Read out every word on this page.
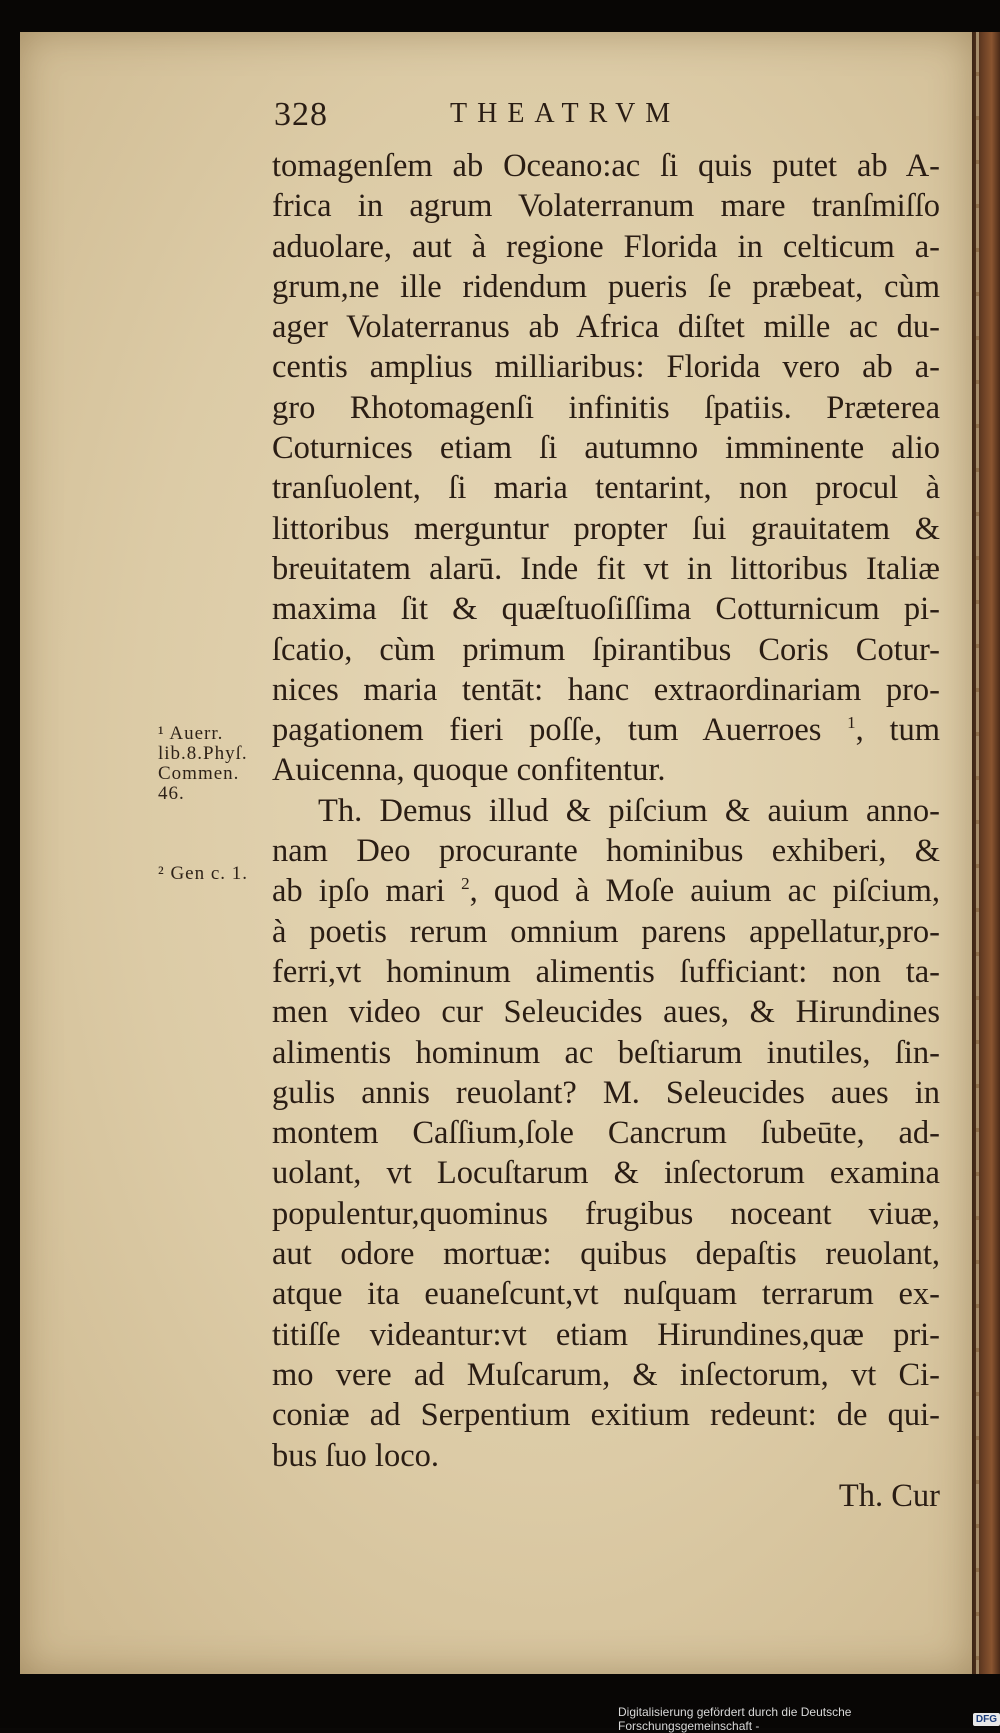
328	THEATRVM
tomagenſem ab Oceano:ac ſi quis putet ab A-
frica in agrum Volaterranum mare tranſmiſſo
aduolare, aut à regione Florida in celticum a-
grum,ne ille ridendum pueris ſe præbeat, cùm
ager Volaterranus ab Africa diſtet mille ac du-
centis amplius milliaribus: Florida vero ab a-
gro Rhotomagenſi infinitis ſpatiis. Præterea
Coturnices etiam ſi autumno imminente alio
tranſuolent, ſi maria tentarint, non procul à
littoribus merguntur propter ſui grauitatem &
breuitatem alarū. Inde fit vt in littoribus Italiæ
maxima ſit & quæſtuoſiſſima Cotturnicum pi-
ſcatio, cùm primum ſpirantibus Coris Cotur-
nices maria tentāt: hanc extraordinariam pro-
pagationem fieri poſſe, tum Auerroes $^1$, tum
Auicenna, quoque confitentur.
Th. Demus illud & piſcium & auium anno-
nam Deo procurante hominibus exhiberi, &
ab ipſo mari $^2$, quod à Moſe auium ac piſcium,
à poetis rerum omnium parens appellatur,pro-
ferri,vt hominum alimentis ſufficiant: non ta-
men video cur Seleucides aues, & Hirundines
alimentis hominum ac beſtiarum inutiles, ſin-
gulis annis reuolant? M. Seleucides aues in
montem Caſſium,ſole Cancrum ſubeūte, ad-
uolant, vt Locuſtarum & inſectorum examina
populentur,quominus frugibus noceant viuæ,
aut odore mortuæ: quibus depaſtis reuolant,
atque ita euaneſcunt,vt nuſquam terrarum ex-
titiſſe videantur:vt etiam Hirundines,quæ pri-
mo vere ad Muſcarum, & inſectorum, vt Ci-
coniæ ad Serpentium exitium redeunt: de qui-
bus ſuo loco.
Th. Cur
¹ Auerr.
lib.8.Phyſ.
Commen.
46.
² Gen c. 1.
Digitalisierung gefördert durch die Deutsche Forschungsgemeinschaft -	DFG
